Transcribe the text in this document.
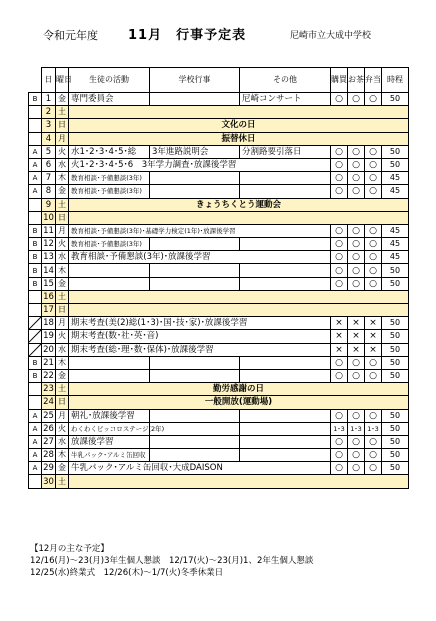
令和元年度 11月　行事予定表	尼崎市立大成中学校
	日	曜日	生徒の活動	学校行事	その他	購買	お茶	弁当	時程
B	1	金	専門委員会		尼崎コンサート	○	○	○	50
	2	土							
	3	日	文化の日						
	4	月	振替休日						
A	5	火	水1･2･3･4･5･総	3年進路説明会	分割路要引落日	○	○	○	50
A	6	水	火1･2･3･4･5･6　3年学力調査･放課後学習			○	○	○	50
A	7	木	教育相談･予備懇談(3年)			○	○	○	45
A	8	金	教育相談･予備懇談(3年)			○	○	○	45
	9	土	きょうちくとう運動会						
	10	日							
B	11	月	教育相談･予備懇談(3年)･基礎学力検定(1年)･放課後学習			○	○	○	45
B	12	火	教育相談･予備懇談(3年)			○	○	○	45
B	13	水	教育相談･予備懇談(3年)･放課後学習			○	○	○	45
B	14	木				○	○	○	50
B	15	金				○	○	○	50
	16	土							
	17	日							

	18	月	期末考査(美(2)総(1･3)･国･技･家)･放課後学習			×	×	×	50

	19	火	期末考査(数･社･英･音)			×	×	×	50

	20	水	期末考査(総･理･数･保体)･放課後学習			×	×	×	50
B	21	木				○	○	○	50
B	22	金				○	○	○	50
	23	土	勤労感謝の日						
	24	日	一般開放(運動場)						
A	25	月	朝礼･放課後学習			○	○	○	50
A	26	火	わくわくピッコロステージ(2年)			1･3	1･3	1･3	50
A	27	水	放課後学習			○	○	○	50
A	28	木	牛乳パック･アルミ缶回収			○	○	○	50
A	29	金	牛乳パック･アルミ缶回収･大成DAISON			○	○	○	50
	30	土							
【12月の主な予定】
12/16(月)～23(月)3年生個人懇談　12/17(火)～23(月)1、2年生個人懇談
12/25(水)終業式　12/26(木)～1/7(火)冬季休業日
